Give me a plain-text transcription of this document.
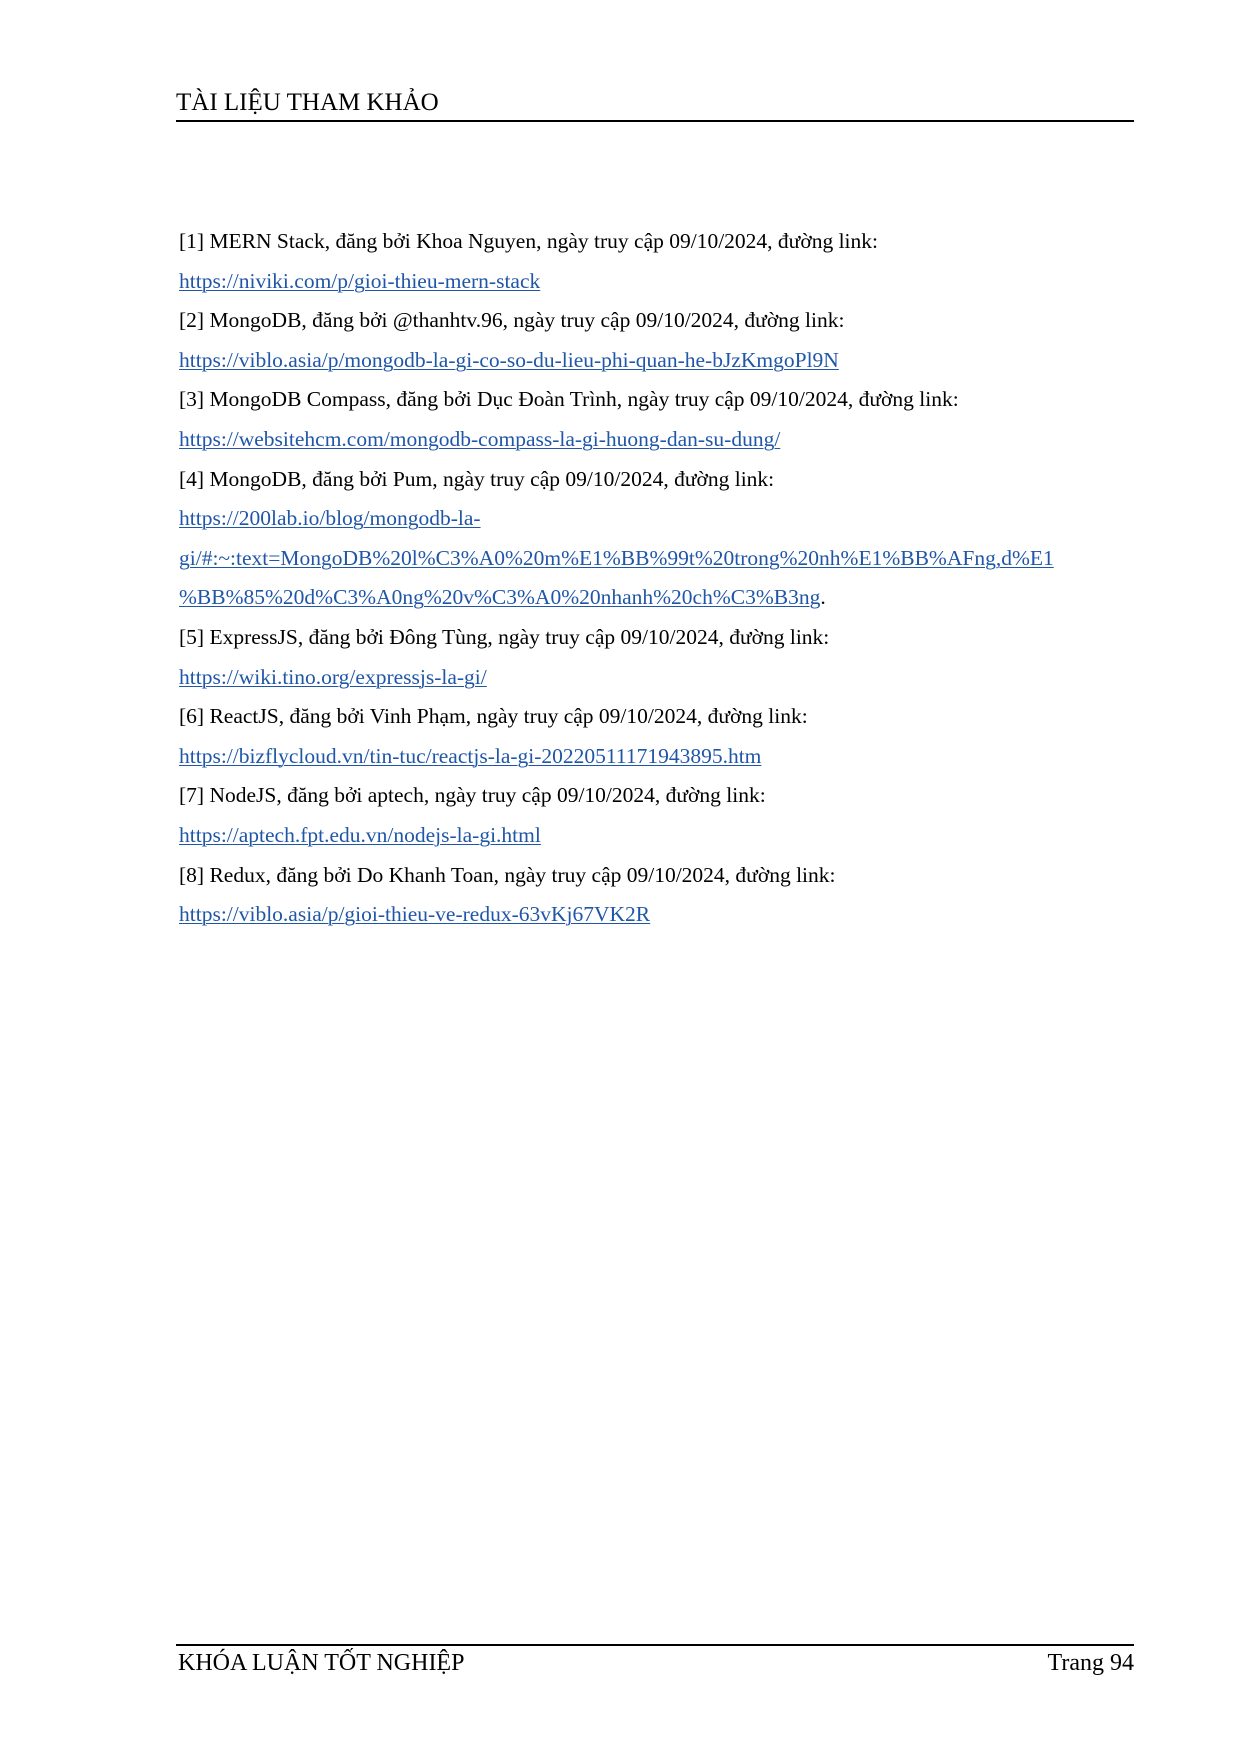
TÀI LIỆU THAM KHẢO
[1] MERN Stack, đăng bởi Khoa Nguyen, ngày truy cập 09/10/2024, đường link:
https://niviki.com/p/gioi-thieu-mern-stack
[2] MongoDB, đăng bởi @thanhtv.96, ngày truy cập 09/10/2024, đường link:
https://viblo.asia/p/mongodb-la-gi-co-so-du-lieu-phi-quan-he-bJzKmgoPl9N
[3] MongoDB Compass, đăng bởi Dục Đoàn Trình, ngày truy cập 09/10/2024, đường link:
https://websitehcm.com/mongodb-compass-la-gi-huong-dan-su-dung/
[4] MongoDB, đăng bởi Pum, ngày truy cập 09/10/2024, đường link:
https://200lab.io/blog/mongodb-la-
gi/#:~:text=MongoDB%20l%C3%A0%20m%E1%BB%99t%20trong%20nh%E1%BB%AFng,d%E1
%BB%85%20d%C3%A0ng%20v%C3%A0%20nhanh%20ch%C3%B3ng.
[5] ExpressJS, đăng bởi Đông Tùng, ngày truy cập 09/10/2024, đường link:
https://wiki.tino.org/expressjs-la-gi/
[6] ReactJS, đăng bởi Vinh Phạm, ngày truy cập 09/10/2024, đường link:
https://bizflycloud.vn/tin-tuc/reactjs-la-gi-20220511171943895.htm
[7] NodeJS, đăng bởi aptech, ngày truy cập 09/10/2024, đường link:
https://aptech.fpt.edu.vn/nodejs-la-gi.html
[8] Redux, đăng bởi Do Khanh Toan, ngày truy cập 09/10/2024, đường link:
https://viblo.asia/p/gioi-thieu-ve-redux-63vKj67VK2R
KHÓA LUẬN TỐT NGHIỆP	Trang 94
